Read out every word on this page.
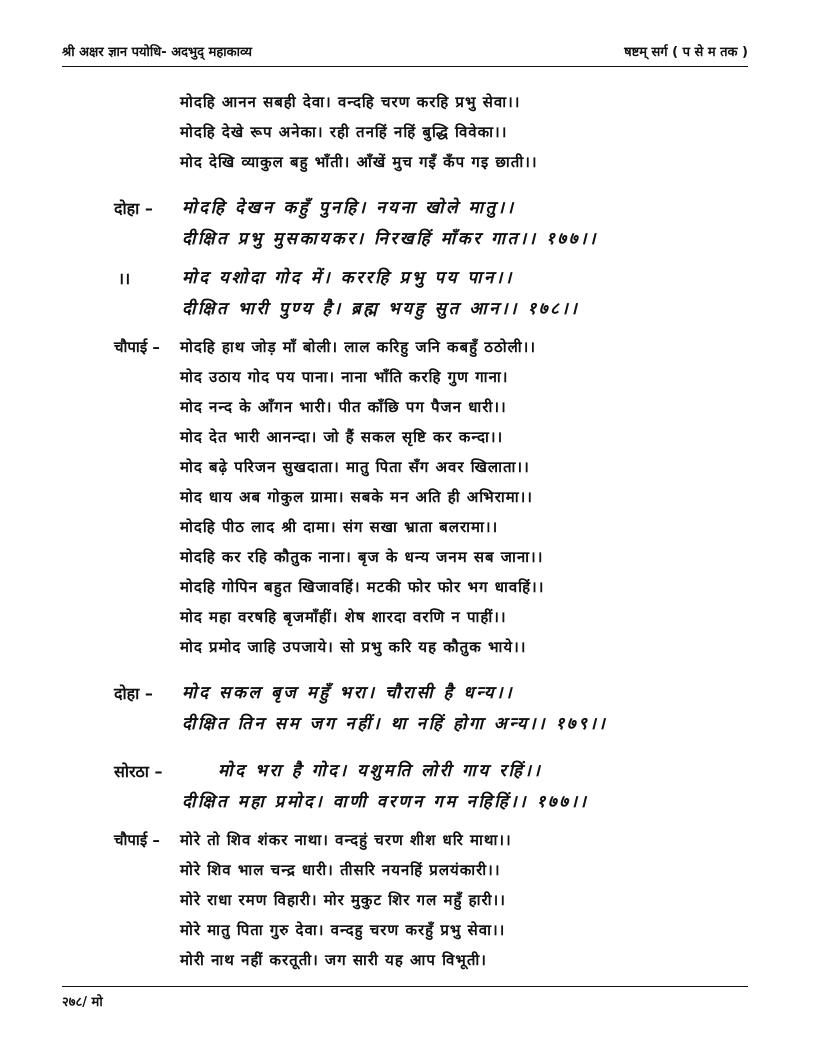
श्री अक्षर ज्ञान पयोधि- अदभुद् महाकाव्य	षष्टम् सर्ग ( प से म तक )
मोदहि आनन सबही देवा। वन्दहि चरण करहि प्रभु सेवा।।
मोदहि देखे रूप अनेका। रही तनहिं नहिं बुद्धि विवेका।।
मोद देखि व्याकुल बहु भाँती। आँखें मुच गइँ कँप गइ छाती।।
दोहा – मोदहि देखन कहुँ पुनहि। नयना खोले मातु।।
दीक्षित प्रभु मुसकायकर। निरखहिं माँकर गात।। १७७।।
।।	मोद यशोदा गोद में। कररहि प्रभु पय पान।।
दीक्षित भारी पुण्य है। ब्रह्म भयहु सुत आन।। १७८।।
चौपाई – मोदहि हाथ जोड़ माँ बोली। लाल करिहु जनि कबहुँ ठठोली।।
मोद उठाय गोद पय पाना। नाना भाँति करहि गुण गाना।
मोद नन्द के आँगन भारी। पीत काँछि पग पैजन धारी।।
मोद देत भारी आनन्दा। जो हैं सकल सृष्टि कर कन्दा।।
मोद बढ़े परिजन सुखदाता। मातु पिता सँग अवर खिलाता।।
मोद धाय अब गोकुल ग्रामा। सबके मन अति ही अभिरामा।।
मोदहि पीठ लाद श्री दामा। संग सखा भ्राता बलरामा।।
मोदहि कर रहि कौतुक नाना। बृज के धन्य जनम सब जाना।।
मोदहि गोपिन बहुत खिजावहिं। मटकी फोर फोर भग धावहिं।।
मोद महा वरषहि बृजमाँहीं। शेष शारदा वरणि न पाहीं।।
मोद प्रमोद जाहि उपजाये। सो प्रभु करि यह कौतुक भाये।।
दोहा – मोद सकल बृज महुँ भरा। चौरासी है धन्य।।
दीक्षित तिन सम जग नहीं। था नहिं होगा अन्य।। १७९।।
सोरठा –	मोद भरा है गोद। यशुमति लोरी गाय रहिं।।
दीक्षित महा प्रमोद। वाणी वरणन गम नहिहिं।। १७७।।
चौपाई – मोरे तो शिव शंकर नाथा। वन्दहुं चरण शीश धरि माथा।।
मोरे शिव भाल चन्द्र धारी। तीसरि नयनहिं प्रलयंकारी।।
मोरे राधा रमण विहारी। मोर मुकुट शिर गल महुँ हारी।।
मोरे मातु पिता गुरु देवा। वन्दहु चरण करहुँ प्रभु सेवा।।
मोरी नाथ नहीं करतूती। जग सारी यह आप विभूती।
२७८/ मो
